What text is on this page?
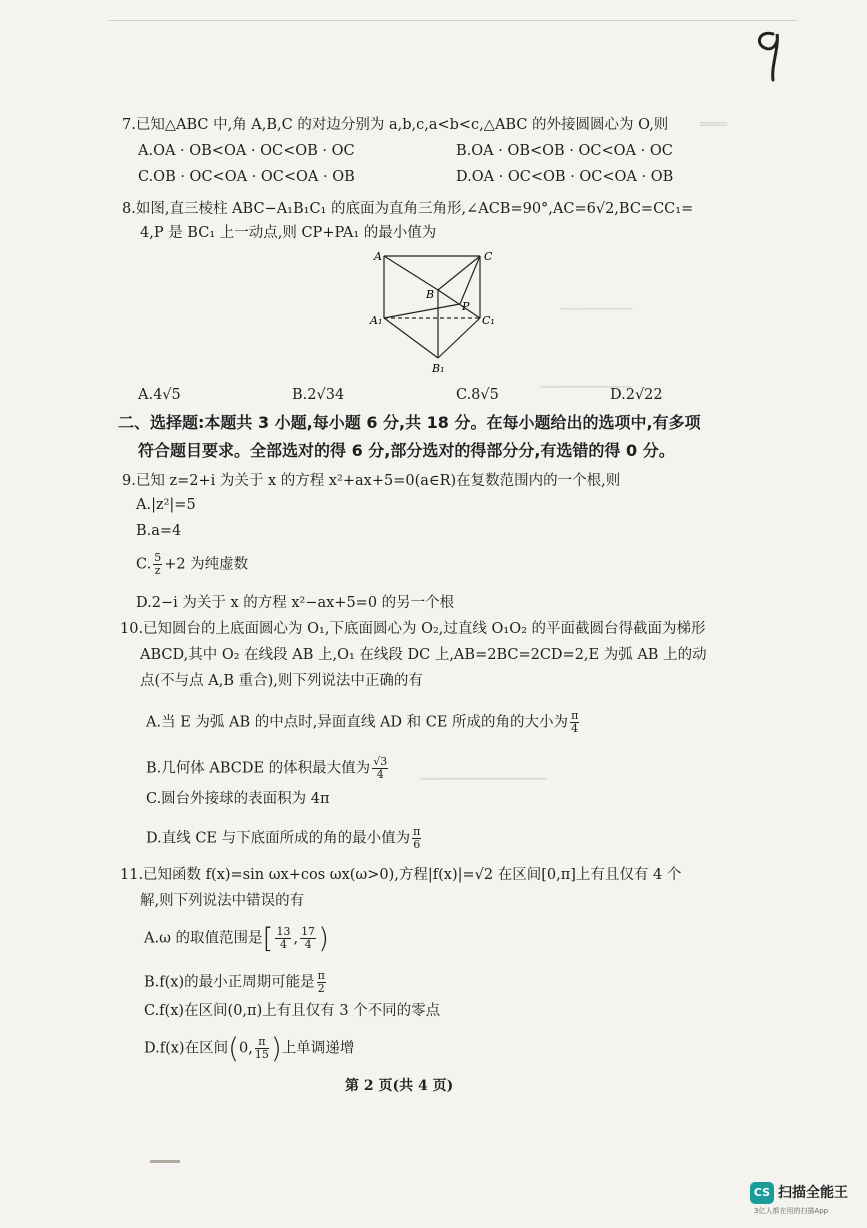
═══
────────
──────────
──────────────
7.已知△ABC 中,角 A,B,C 的对边分别为 a,b,c,a<b<c,△ABC 的外接圆圆心为 O,则
A.OA · OB<OA · OC<OB · OC	B.OA · OB<OB · OC<OA · OC
C.OB · OC<OA · OC<OA · OB	D.OA · OC<OB · OC<OA · OB
8.如图,直三棱柱 ABC−A₁B₁C₁ 的底面为直角三角形,∠ACB=90°,AC=6√2,BC=CC₁=
4,P 是 BC₁ 上一动点,则 CP+PA₁ 的最小值为
A	C
B
P
A₁	C₁
B₁
A.4√5	B.2√34	C.8√5	D.2√22
二、选择题:本题共 3 小题,每小题 6 分,共 18 分。在每小题给出的选项中,有多项
符合题目要求。全部选对的得 6 分,部分选对的得部分分,有选错的得 0 分。
9.已知 z=2+i 为关于 x 的方程 x²+ax+5=0(a∈R)在复数范围内的一个根,则
A.|z²|=5
B.a=4
C. $\frac{5}{z} +2$ 为纯虚数
D.2−i 为关于 x 的方程 x²−ax+5=0 的另一个根
10.已知圆台的上底面圆心为 O₁,下底面圆心为 O₂,过直线 O₁O₂ 的平面截圆台得截面为梯形
ABCD,其中 O₂ 在线段 AB 上,O₁ 在线段 DC 上,AB=2BC=2CD=2,E 为弧 AB 上的动
点(不与点 A,B 重合),则下列说法中正确的有
A.当 E 为弧 AB 的中点时,异面直线 AD 和 CE 所成的角的大小为 $\frac{\pi}{4}$
B.几何体 ABCDE 的体积最大值为 $\frac{√3}{4}$
C.圆台外接球的表面积为 4π
D.直线 CE 与下底面所成的角的最小值为 $\frac{\pi}{6}$
11.已知函数 f(x)=sin ωx+cos ωx(ω>0),方程|f(x)|=√2 在区间[0,π]上有且仅有 4 个
解,则下列说法中错误的有
A.ω 的取值范围是[ $\frac{13}{4}$ , $\frac{17}{4}$ )
B.f(x)的最小正周期可能是 $\frac{\pi}{2}$
C.f(x)在区间(0,π)上有且仅有 3 个不同的零点
D.f(x)在区间(0, $\frac{\pi}{15}$ )上单调递增
第 2 页(共 4 页)
CS 扫描全能王
3亿人都在用的扫描App
